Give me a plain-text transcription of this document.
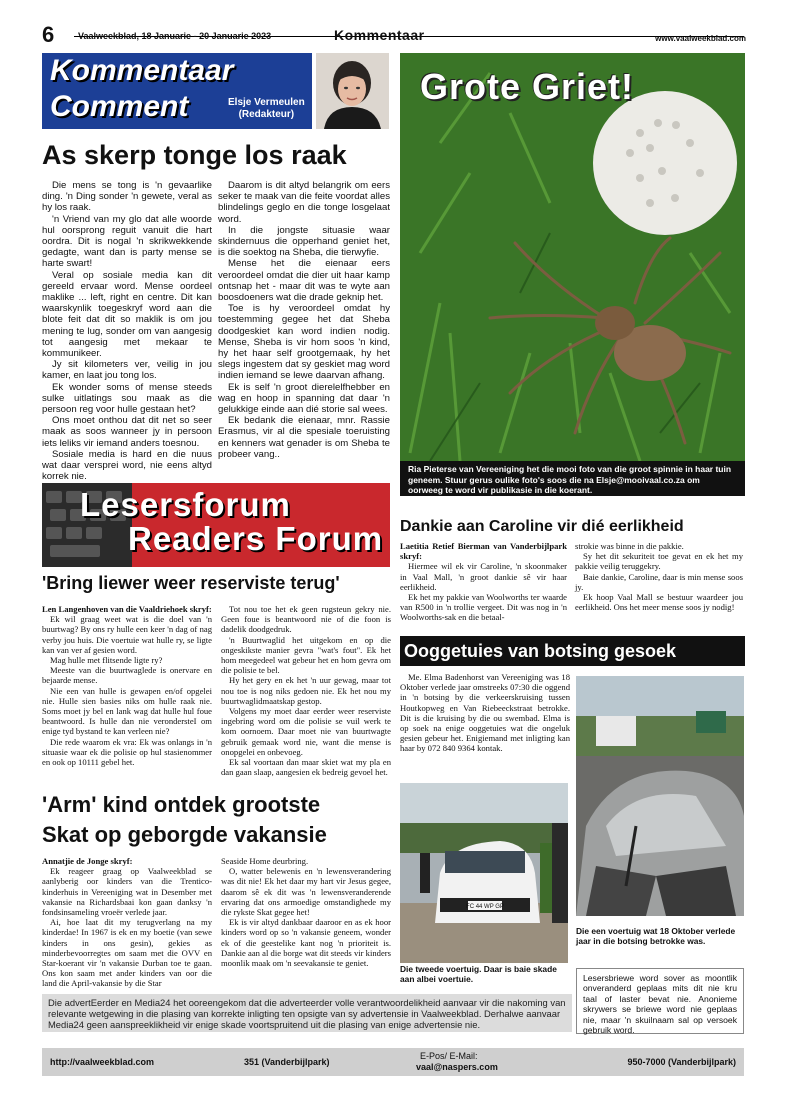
6	Vaalweekblad, 18 Januarie - 20 Januarie 2023	Kommentaar	www.vaalweekblad.com
Kommentaar
Comment	Elsje Vermeulen
(Redakteur)
As skerp tonge los raak

Die mens se tong is 'n gevaarlike ding. 'n Ding sonder 'n gewete, veral as hy los raak.

'n Vriend van my glo dat alle woorde hul oorsprong reguit vanuit die hart oordra. Dit is nogal 'n skrikwekkende gedagte, want dan is party mense se harte swart!

Veral op sosiale media kan dit gereeld ervaar word. Mense oordeel maklike ... left, right en centre. Dit kan waarskynlik toegeskryf word aan die blote feit dat dit so maklik is om jou mening te lug, sonder om van aangesig tot aangesig met mekaar te kommunikeer.

Jy sit kilometers ver, veilig in jou kamer, en laat jou tong los.

Ek wonder soms of mense steeds sulke uitlatings sou maak as die persoon reg voor hulle gestaan het?

Ons moet onthou dat dit net so seer maak as soos wanneer jy in persoon iets leliks vir iemand anders toesnou.

Sosiale media is hard en die nuus wat daar versprei word, nie eens altyd korrek nie.

Daarom is dit altyd belangrik om eers seker te maak van die feite voordat alles blindelings geglo en die tonge losgelaat word.

In die jongste situasie waar skindernuus die opperhand geniet het, is die soektog na Sheba, die tierwyfie.

Mense het die eienaar eers veroordeel omdat die dier uit haar kamp ontsnap het - maar dit was te wyte aan boosdoeners wat die drade geknip het.

Toe is hy veroordeel omdat hy toestemming gegee het dat Sheba doodgeskiet kan word indien nodig. Mense, Sheba is vir hom soos 'n kind, hy het haar self grootgemaak, hy het slegs ingestem dat sy geskiet mag word indien iemand se lewe daarvan afhang.

Ek is self 'n groot dierelelfhebber en wag en hoop in spanning dat daar 'n gelukkige einde aan dié storie sal wees.

Ek bedank die eienaar, mnr. Rassie Erasmus, vir al die spesiale toeruisting en kenners wat genader is om Sheba te probeer vang..

Grote Griet!
Ria Pieterse van Vereeniging het die mooi foto van die groot spinnie in haar tuin geneem. Stuur gerus oulike foto's soos die na Elsje@mooivaal.co.za om oorweeg te word vir publikasie in die koerant.
Lesersforum
Readers Forum
'Bring liewer weer reserviste terug'

Len Langenhoven van die Vaaldriehoek skryf:

Ek wil graag weet wat is die doel van 'n buurtwag? By ons ry hulle een keer 'n dag of nag verby jou huis. Die voertuie wat hulle ry, se ligte kan van ver af gesien word.

Mag hulle met flitsende ligte ry?

Meeste van die buurtwaglede is onervare en bejaarde mense.

Nie een van hulle is gewapen en/of opgelei nie. Hulle sien basies niks om hulle raak nie. Soms moet jy bel en lank wag dat hulle hul foue beantwoord. Is hulle dan nie verondersteI om enige tyd bystand te kan verleen nie?

Die rede waarom ek vra: Ek was onlangs in 'n situasie waar ek die polisie op hul stasienommer en ook op 10111 gebel het.

Tot nou toe het ek geen rugsteun gekry nie. Geen foue is beantwoord nie of die foon is dadelik doodgedruk.

'n Buurtwaglid het uitgekom en op die ongeskikste manier gevra "wat's fout". Ek het hom meegedeel wat gebeur het en hom gevra om die polisie te bel.

Hy het gery en ek het 'n uur gewag, maar tot nou toe is nog niks gedoen nie. Ek het nou my buurtwaglidmaatskap gestop.

Volgens my moet daar eerder weer reserviste ingebring word om die polisie se vuil werk te kom oornoem. Daar moet nie van buurtwagte gebruik gemaak word nie, want die mense is onopgelei en onbevoeg.

Ek sal voortaan dan maar skiet wat my pla en dan gaan slaap, aangesien ek bedreig gevoel het.

'Arm' kind ontdek grootste
Skat op geborgde vakansie

Annatjie de Jonge skryf:

Ek reageer graag op Vaalweekblad se aanlyberig oor kinders van die Trentico-kinderhuis in Vereeniging wat in Desember met vakansie na Richardsbaai kon gaan danksy 'n fondsinsameling vroeër verlede jaar.

Ai, hoe laat dit my terugverlang na my kinderdae! In 1967 is ek en my boetie (van sewe kinders in ons gesin), gekies as minderbevoorregtes om saam met die OVV en Star-koerant vir 'n vakansie Durban toe te gaan. Ons kon saam met ander kinders van oor die land die April-vakansie by die Star

Seaside Home deurbring.

O, watter belewenis en 'n lewensverandering was dit nie! Ek het daar my hart vir Jesus gegee, daarom sê ek dit was 'n lewensveranderende ervaring dat ons armoedige omstandighede my die rykste Skat gegee het!

Ek is vir altyd dankbaar daaroor en as ek hoor kinders word op so 'n vakansie geneem, wonder ek of die geestelike kant nog 'n prioriteit is. Dankie aan al die borge wat dit steeds vir kinders moonlik maak om 'n seevakansie te geniet.

Dankie aan Caroline vir dié eerlikheid

Laetitia Retief Bierman van Vanderbijlpark skryf:

Hiermee wil ek vir Caroline, 'n skoonmaker in Vaal Mall, 'n groot dankie sê vir haar eerlikheid.

Ek het my pakkie van Woolworths ter waarde van R500 in 'n trollie vergeet. Dit was nog in 'n Woolworths-sak en die betaal-

strokie was binne in die pakkie.

Sy het dit sekuriteit toe gevat en ek het my pakkie veilig teruggekry.

Baie dankie, Caroline, daar is min mense soos jy.

Ek hoop Vaal Mall se bestuur waardeer jou eerlikheid. Ons het meer mense soos jy nodig!

Ooggetuies van botsing gesoek

Me. Elma Badenhorst van Vereeniging was 18 Oktober verlede jaar omstreeks 07:30 die oggend in 'n botsing by die verkeerskruising tussen Houtkopweg en Van Riebeeckstraat betrokke. Dit is die kruising by die ou swembad. Elma is op soek na enige ooggetuies wat die ongeluk gesien gebeur het. Enigiemand met inligting kan haar by 072 840 9364 kontak.

Die een voertuig wat 18 Oktober verlede jaar in die botsing betrokke was.
FC 44 WP GP
Die tweede voertuig. Daar is baie skade aan albei voertuie.
Die advertEerder en Media24 het ooreengekom dat die adverteerder volle verantwoordelikheid aanvaar vir die nakoming van relevante wetgewing in die plasing van korrekte inligting ten opsigte van sy advertensie in Vaalweekblad. Derhalwe aanvaar Media24 geen aanspreeklikheid vir enige skade voortspruitend uit die plasing van enige advertensie nie.
Lesersbriewe word sover as moontlik onveranderd geplaas mits dit nie kru taal of laster bevat nie. Anonieme skrywers se briewe word nie geplaas nie, maar 'n skuilnaam sal op versoek gebruik word.
http://vaalweekblad.com	351 (Vanderbijlpark)
E-Pos/ E-Mail:
vaal@naspers.com	950-7000 (Vanderbijlpark)
